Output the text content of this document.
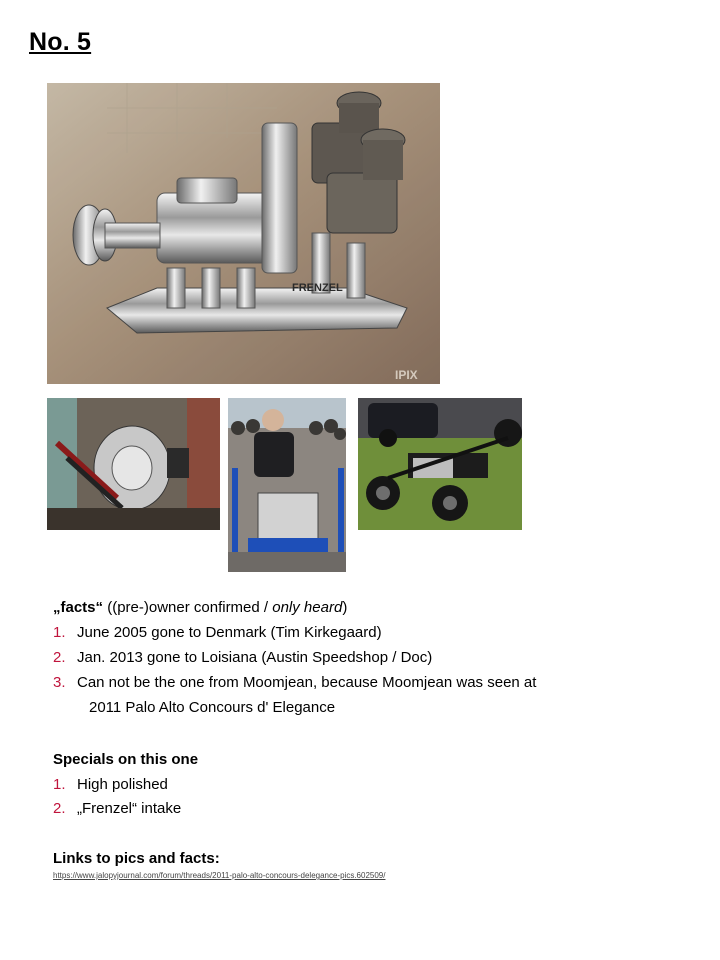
No. 5
FRENZEL
IPIX
„facts“ ((pre-)owner confirmed / only heard)
1. June 2005 gone to Denmark (Tim Kirkegaard)
2. Jan. 2013 gone to Loisiana (Austin Speedshop / Doc)
3. Can not be the one from Moomjean, because Moomjean was seen at
2011 Palo Alto Concours d' Elegance
Specials on this one
1. High polished
2. „Frenzel“ intake
Links to pics and facts:
https://www.jalopyjournal.com/forum/threads/2011-palo-alto-concours-delegance-pics.602509/
